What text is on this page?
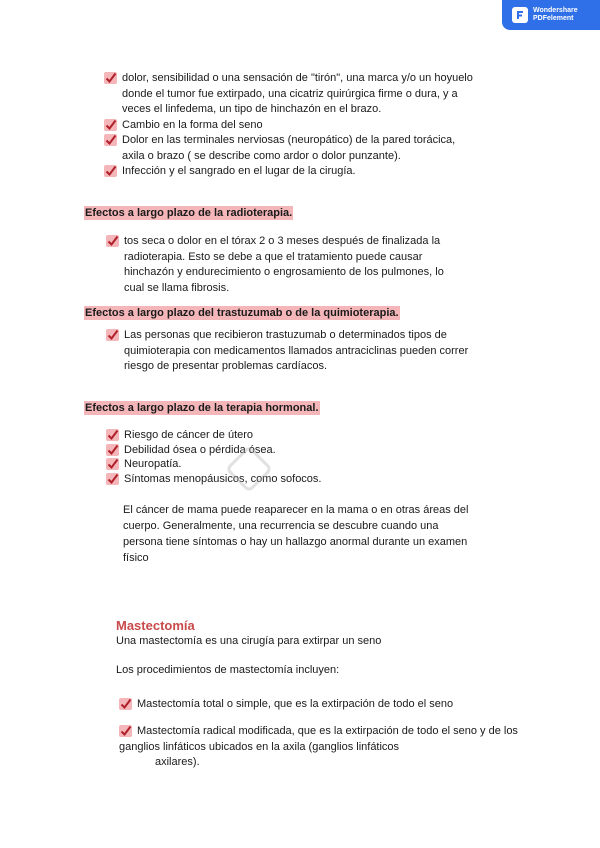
Wondershare
PDFelement
dolor, sensibilidad o una sensación de "tirón", una marca y/o un hoyuelo
donde el tumor fue extirpado, una cicatriz quirúrgica firme o dura, y a
veces el linfedema, un tipo de hinchazón en el brazo.
Cambio en la forma del seno
Dolor en las terminales nerviosas (neuropático) de la pared torácica,
axila o brazo ( se describe como ardor o dolor punzante).
Infección y el sangrado en el lugar de la cirugía.
Efectos a largo plazo de la radioterapia.
tos seca o dolor en el tórax 2 o 3 meses después de finalizada la
radioterapia. Esto se debe a que el tratamiento puede causar
hinchazón y endurecimiento o engrosamiento de los pulmones, lo
cual se llama fibrosis.
Efectos a largo plazo del trastuzumab o de la quimioterapia.
Las personas que recibieron trastuzumab o determinados tipos de
quimioterapia con medicamentos llamados antraciclinas pueden correr
riesgo de presentar problemas cardíacos.
Efectos a largo plazo de la terapia hormonal.
Riesgo de cáncer de útero
Debilidad ósea o pérdida ósea.
Neuropatía.
Síntomas menopáusicos, como sofocos.
El cáncer de mama puede reaparecer en la mama o en otras áreas del
cuerpo. Generalmente, una recurrencia se descubre cuando una
persona tiene síntomas o hay un hallazgo anormal durante un examen
físico
Mastectomía
Una mastectomía es una cirugía para extirpar un seno
Los procedimientos de mastectomía incluyen:
Mastectomía total o simple, que es la extirpación de todo el seno
Mastectomía radical modificada, que es la extirpación de todo el seno y de los
ganglios linfáticos ubicados en la axila (ganglios linfáticos
axilares).
